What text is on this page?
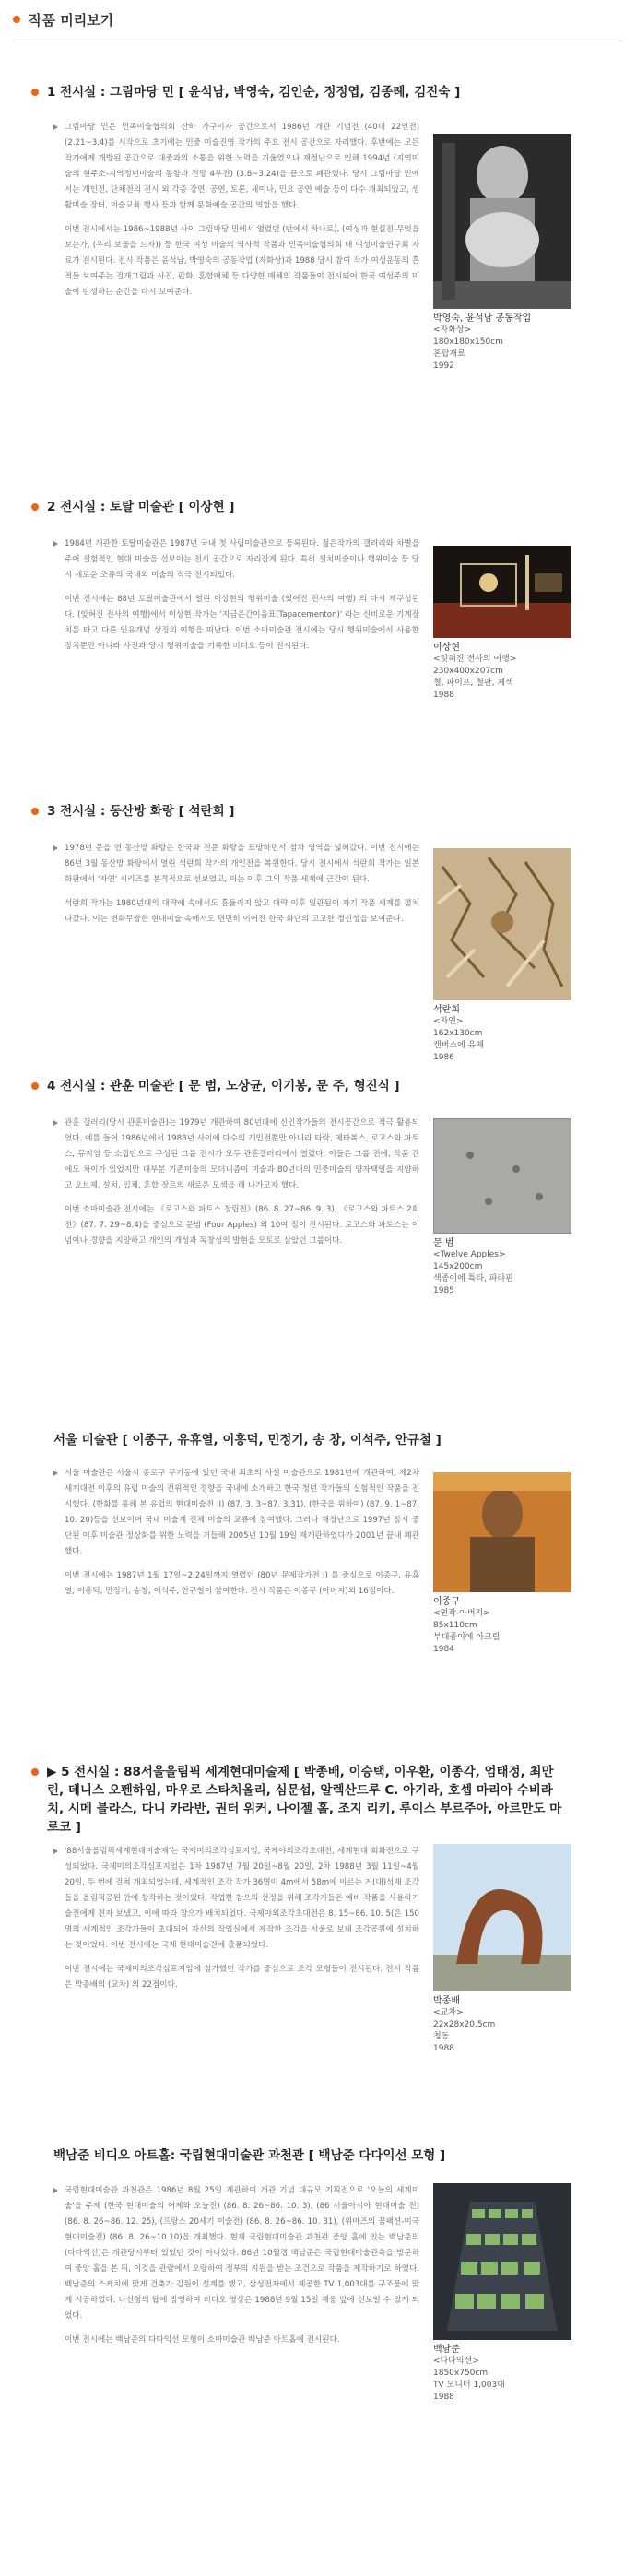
작품 미리보기
1 전시실 : 그림마당 민 [ 윤석남, 박영숙, 김인순, 정정엽, 김종례, 김진숙 ]

그림마당 민은 민족미술협의회 산하 가구이자 공간으로서 1986년 개관 기념전 (40대 22인전) (2.21~3.4)를 시작으로 초기에는 민중 미술진영 작가의 주요 전시 공간으로 자리했다. 후반에는 모든 작가에게 개방된 공간으로 대중과의 소통을 위한 노력을 기울였으나 재정난으로 인해 1994년 (지역미술의 현주소-지역정년미술의 동향과 전망 4부전) (3.8~3.24)을 끝으로 폐관했다. 당시 그림마당 민에서는 개인전, 단체전의 전시 외 각종 강연, 공연, 토론, 세미나, 민요 공연 예술 등이 다수 개최되었고, 생활미술 장터, 미술교육 행사 등과 함께 문화예술 공간의 역할을 했다.

이번 전시에서는 1986~1988년 사이 그림마당 민에서 열렸던 (반에서 하나로), (여성과 현실전-무엇을 보는가, (우리 보물을 드자)) 등 한국 여성 미술의 역사적 작품과 민족미술협의회 내 여성미술연구회 자료가 전시된다. 전시 작품은 윤석남, 박영숙의 공동작업 (자화상)과 1988 당시 참여 작가 여성운동의 흔적들 보여주는 걸개그림과 사진, 판화, 혼합매체 등 다양한 매체의 작품들이 전시되어 한국 여성주의 미술이 탄생하는 순간을 다시 보여준다.

박영숙, 윤석남 공동작업
<자화상>
180x180x150cm
혼합재료
1992
2 전시실 : 토탈 미술관 [ 이상현 ]

1984년 개관한 토탈미술관은 1987년 국내 첫 사립미술관으로 등록된다. 젊은작가의 갤러리와 차별을 주어 실험적인 현대 미술을 선보이는 전시 공간으로 자리잡게 된다. 특히 설치미술이나 행위미술 등 당시 새로운 조류의 국내외 미술의 적극 전시되었다.

이번 전시에는 88년 토탈미술관에서 열린 이상현의 행위미술 (있어진 전사의 여행) 의 다시 재구성된다. (잊혀진 전사의 여행)에서 이상현 작가는 '지금은간이음표(Tapacementon)' 라는 신비로운 기계장치를 타고 다른 인유개념 상징의 여행을 떠난다. 이번 소마미술관 전시에는 당시 행위미술에서 사용한 장치뿐만 아니라 사진과 당시 행위미술을 기록한 비디오 등이 전시된다.	이상현
<잊혀진 전사의 여행>
230x400x207cm
철, 파이프, 철판, 체색
1988
3 전시실 : 동산방 화랑 [ 석란희 ]

1978년 문을 연 동산방 화랑은 한국화 전문 화랑을 표방하면서 점차 영역을 넓혀갔다. 이번 전시에는 86년 3월 동산방 화랑에서 열린 석란희 작가의 개인전을 복원한다. 당시 전시에서 석란희 작가는 일본 화판에서 '자연' 시리즈를 본격적으로 선보였고, 이는 이후 그의 작품 세계에 근간이 된다.

석란희 작가는 1980년대의 대략에 속에서도 흔들리지 않고 대략 이후 일관됨이 자기 작품 세계를 펼쳐 나갔다. 이는 변화무쌍한 현대미술 속에서도 면면히 이어진 한국 화단의 고고한 정신성을 보여준다.

석란희
<자연>
162x130cm
캔버스에 유채
1986
4 전시실 : 관훈 미술관 [ 문 범, 노상균, 이기봉, 문 주, 형진식 ]

관훈 갤러리(당시 관훈미술관)는 1979년 개관하여 80년대에 신인작가들의 전시공간으로 적극 활용되었다. 예를 들어 1986년에서 1988년 사이에 다수의 개인전뿐만 아니라 타락, 메타복스, 로고스와 파토스, 뮤지엄 등 소집단으로 구성된 그룹 전시가 모두 관훈갤러리에서 열렸다. 이들은 그룹 전에, 작품 간에도 차이가 있었지만 대부분 기존미술의 모더니즘이 미술과 80년대의 민중미술의 양자택일을 지양하고 오브제, 설치, 입체, 혼합 장르의 새로운 모색을 해 나가고자 했다.

이번 소마미술관 전시에는 《로고스와 파토스 창립전》(86. 8. 27~86. 9. 3), 《로고스와 파토스 2회전》(87. 7. 29~8.4)을 중심으로 문범 (Four Apples) 외 10여 점이 전시된다. 로고스와 파토스는 이념이나 경향을 지양하고 개인의 개성과 독창성의 발현을 모토로 삼았던 그룹이다.	문 범
<Twelve Apples>
145x200cm
색종이에 특타, 파라핀
1985
서울 미술관 [ 이종구, 유휴열, 이흥덕, 민정기, 송 창, 이석주, 안규철 ]

서울 미술관은 서울시 종로구 구기동에 있던 국내 최초의 사설 미술관으로 1981년에 개관하여, 제2차 세계대전 이후의 유럽 미술의 전위적인 경향을 국내에 소개하고 한국 청년 작가들의 실험적인 작품을 전시했다. (한화를 통해 본 유럽의 현대미술전 II) (87. 3. 3~87. 3.31), (한국을 위하여) (87. 9. 1~87. 10. 20)등을 선보이며 국내 미술계 전체 미술의 교류에 참여했다. 그러나 재정난으로 1997년 잠시 중단된 이후 미술관 정상화를 위한 노력을 거듭해 2005년 10월 19일 재개관하였다가 2001년 끝내 폐관했다.

이번 전시에는 1987년 1월 17일~2.24일까지 열렸던 (80년 문제작가전 I) 를 중심으로 이종구, 유휴열, 이흥덕, 민정기, 송창, 이석주, 안규철이 참여한다. 전시 작품은 이종구 (아버지)외 16점이다.

이종구
<연작-아버지>
85x110cm
부대종이에 아크릴
1984
▶ 5 전시실 : 88서울올림픽 세계현대미술제 [ 박종배, 이승택, 이우환, 이종각, 엄태정, 최만린, 데니스 오펜하임, 마우로 스타치올리, 심문섭, 알렉산드루 C. 아기라, 호셉 마리아 수비라치, 시메 블라스, 다니 카라반, 권터 위커, 나이젤 홀, 조지 리키, 루이스 부르주아, 아르만도 마로코 ]

'88서울올림픽세계현대미술제'는 국제미의조각심포지엄, 국제야외조각초대전, 세계현대 회화전으로 구성되었다. 국제미의조각심포지엄은 1차 1987년 7월 20일~8월 20일, 2차 1988년 3월 11일~4월 20일, 두 번에 걸쳐 개최되었는데, 세계적인 조각 작가 36명이 4m에서 58m에 이르는 거(대)석재 조각들을 올림픽공원 안에 창작하는 것이었다. 작업한 참으의 선정을 위해 조각가들은 예비 작품을 사용하기술진에게 전자 보냈고, 이에 따라 참으가 배치되었다. 국제야외조각초대전은 8. 15~86. 10. 5(은 150명의 세계적인 조각가들이 초대되어 자신의 작업실에서 제작한 조각을 서울로 보내 조각공원에 설치하는 것이었다. 이번 전시에는 국제 현대미술전에 출품되었다.

이번 전시에는 국제미의조각심포지엄에 참가했던 작가를 중심으로 조각 모형들이 전시된다. 전시 작품은 박종배의 (교차) 외 22점이다.

박종배
<교차>
22x28x20.5cm
청동
1988
백남준 비디오 아트홀: 국립현대미술관 과천관 [ 백남준 다다익선 모형 ]

국립현대미술관 과천관은 1986년 8월 25일 개관하여 개관 기념 대규모 기획전으로 '오늘의 세계미술'을 주제 (한국 현대미술의 어제와 오늘전) (86. 8. 26~86. 10. 3), (86 서울아시아 현대미술 전) (86. 8. 26~86. 12. 25), (프랑스 20세기 미술전) (86. 8. 26~86. 10. 31), (위마즈의 꿈팩션-미국 현대미술전) (86. 8. 26~10.10)을 개최했다. 현재 국립현대미술관 과천관 중앙 홀에 있는 백남준의 (다다익선)은 개관당시부터 있었던 것이 아니었다. 86년 10월경 백남준은 국립현대미술관측을 방문하여 중앙 홀을 본 뒤, 이것을 관람에서 오랑하여 정부의 지원을 받는 조건으로 작품을 제작하기로 하였다. 백남준의 스케치에 맞게 건축가 김원이 설계를 했고, 삼성전자에서 제공한 TV 1,003대를 구조물에 맞게 시공하였다. 나선형의 탑에 방영하여 비디오 영상은 1988년 9월 15일 재웅 앞에 선보일 수 있게 되었다.

이번 전시에는 백남준의 다다익선 모형이 소마미술관 백남준 아트홀에 전시된다.

백남준
<다다익선>
1850x750cm
TV 모니터 1,003대
1988
